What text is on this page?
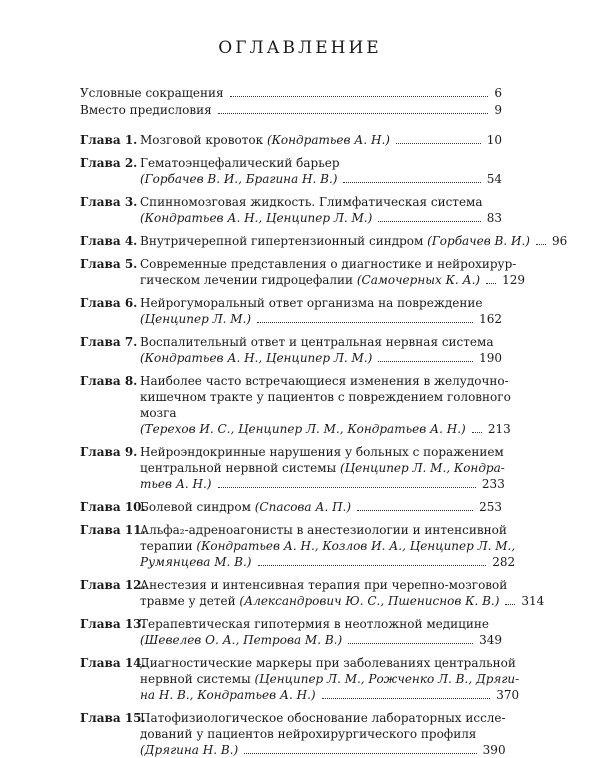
ОГЛАВЛЕНИЕ
Условные сокращения	6
Вместо предисловия	9
Глава 1. Мозговой кровоток (Кондратьев А. Н.)	10
Глава 2. Гематоэнцефалический барьер
(Горбачев В. И., Брагина Н. В.)	54
Глава 3. Спинномозговая жидкость. Глимфатическая система
(Кондратьев А. Н., Ценципер Л. М.)	83
Глава 4. Внутричерепной гипертензионный синдром (Горбачев В. И.) 96
Глава 5. Современные представления о диагностике и нейрохирур-
гическом лечении гидроцефалии (Самочерных К. А.) 129
Глава 6. Нейрогуморальный ответ организма на повреждение
(Ценципер Л. М.)	162
Глава 7. Воспалительный ответ и центральная нервная система
(Кондратьев А. Н., Ценципер Л. М.)	190
Глава 8. Наиболее часто встречающиеся изменения в желудочно-
кишечном тракте у пациентов с повреждением головного
мозга
(Терехов И. С., Ценципер Л. М., Кондратьев А. Н.) 213
Глава 9. Нейроэндокринные нарушения у больных с поражением
центральной нервной системы (Ценципер Л. М., Кондра-
тьев А. Н.)	233
Глава 10.
Болевой синдром (Спасова А. П.)	253
Глава 11.
Альфа₂-адреноагонисты в анестезиологии и интенсивной
терапии (Кондратьев А. Н., Козлов И. А., Ценципер Л. М.,
Румянцева М. В.)	282
Глава 12.
Анестезия и интенсивная терапия при черепно-мозговой
травме у детей (Александрович Ю. С., Пшениснов К. В.) 314
Глава 13.
Терапевтическая гипотермия в неотложной медицине
(Шевелев О. А., Петрова М. В.)	349
Глава 14.
Диагностические маркеры при заболеваниях центральной
нервной системы (Ценципер Л. М., Рожченко Л. В., Дряги-
на Н. В., Кондратьев А. Н.)	370
Глава 15.
Патофизиологическое обоснование лабораторных иссле-
дований у пациентов нейрохирургического профиля
(Дрягина Н. В.)	390
